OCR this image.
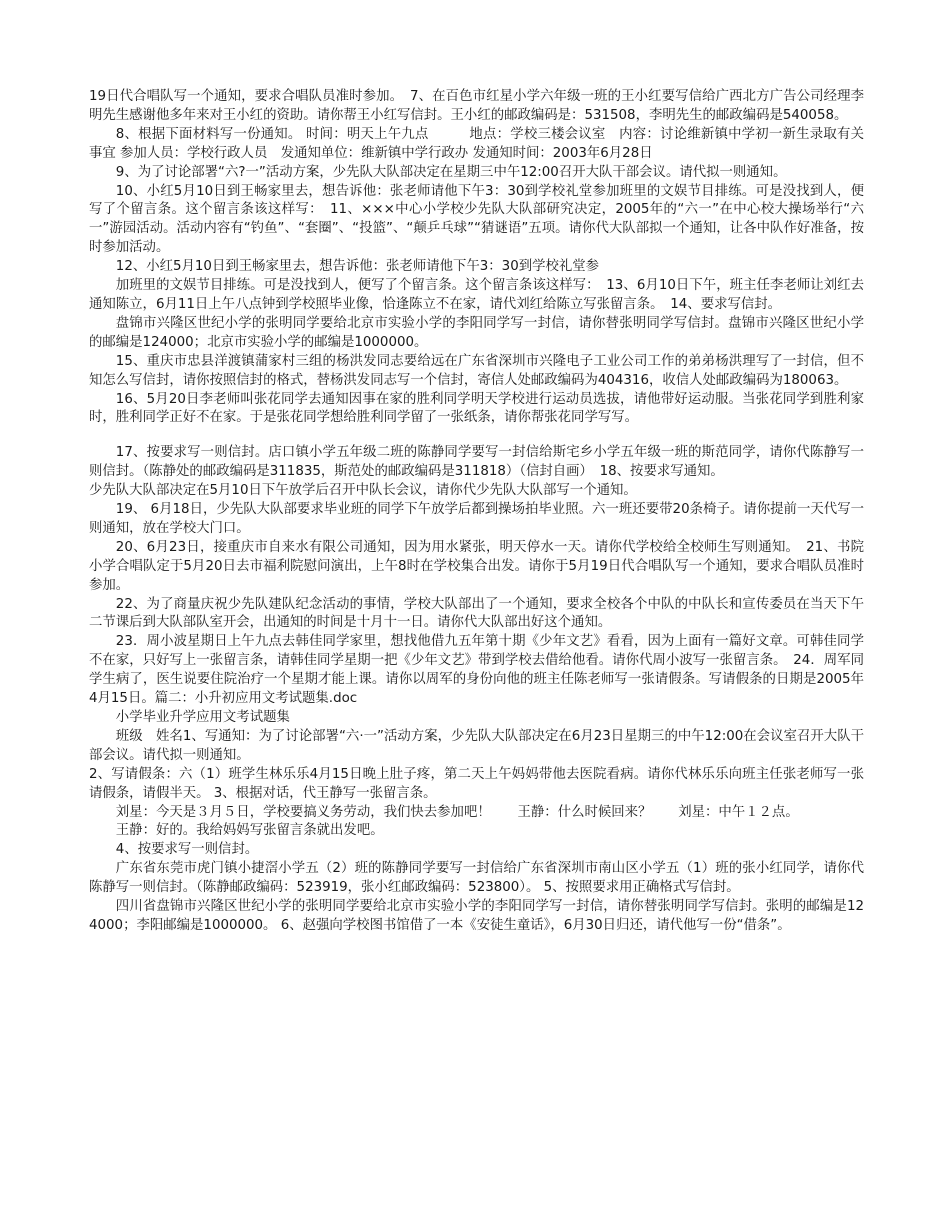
19日代合唱队写一个通知，要求合唱队员准时参加。　7、在百色市红星小学六年级一班的王小红要写信给广西北方广告公司经理李明先生感谢他多年来对王小红的资助。请你帮王小红写信封。王小红的邮政编码是：531508，李明先生的邮政编码是540058。

8、根据下面材料写一份通知。 时间：明天上午九点　　　地点：学校三楼会议室　内容：讨论维新镇中学初一新生录取有关事宜 参加人员：学校行政人员　发通知单位：维新镇中学行政办 发通知时间：2003年6月28日

9、为了讨论部署“六?一”活动方案，少先队大队部决定在星期三中午12:00召开大队干部会议。请代拟一则通知。

10、小红5月10日到王畅家里去，想告诉他：张老师请他下午3：30到学校礼堂参加班里的文娱节目排练。可是没找到人，便写了个留言条。这个留言条该这样写：　11、×××中心小学校少先队大队部研究决定，2005年的“六一”在中心校大操场举行“六一”游园活动。活动内容有“钓鱼”、“套圈”、“投篮”、“颠乒乓球”“猜谜语”五项。请你代大队部拟一个通知，让各中队作好准备，按时参加活动。

12、小红5月10日到王畅家里去，想告诉他：张老师请他下午3：30到学校礼堂参

加班里的文娱节目排练。可是没找到人，便写了个留言条。这个留言条该这样写：　13、6月10日下午，班主任李老师让刘红去通知陈立，6月11日上午八点钟到学校照毕业像，恰逢陈立不在家，请代刘红给陈立写张留言条。　14、要求写信封。

盘锦市兴隆区世纪小学的张明同学要给北京市实验小学的李阳同学写一封信，请你替张明同学写信封。盘锦市兴隆区世纪小学的邮编是124000；北京市实验小学的邮编是1000000。

15、重庆市忠县洋渡镇蒲家村三组的杨洪发同志要给远在广东省深圳市兴隆电子工业公司工作的弟弟杨洪理写了一封信，但不知怎么写信封，请你按照信封的格式，替杨洪发同志写一个信封，寄信人处邮政编码为404316，收信人处邮政编码为180063。

16、5月20日李老师叫张花同学去通知因事在家的胜利同学明天学校进行运动员选拔，请他带好运动服。当张花同学到胜利家时，胜利同学正好不在家。于是张花同学想给胜利同学留了一张纸条，请你帮张花同学写写。

17、按要求写一则信封。店口镇小学五年级二班的陈静同学要写一封信给斯宅乡小学五年级一班的斯范同学，请你代陈静写一则信封。（陈静处的邮政编码是311835，斯范处的邮政编码是311818）（信封自画）　18、按要求写通知。

少先队大队部决定在5月10日下午放学后召开中队长会议，请你代少先队大队部写一个通知。

19、 6月18日，少先队大队部要求毕业班的同学下午放学后都到操场拍毕业照。六一班还要带20条椅子。请你提前一天代写一则通知，放在学校大门口。

20、6月23日，接重庆市自来水有限公司通知，因为用水紧张，明天停水一天。请你代学校给全校师生写则通知。　21、书院小学合唱队定于5月20日去市福利院慰问演出，上午8时在学校集合出发。请你于5月19日代合唱队写一个通知，要求合唱队员准时参加。

22、为了商量庆祝少先队建队纪念活动的事情，学校大队部出了一个通知，要求全校各个中队的中队长和宣传委员在当天下午二节课后到大队部队室开会，出通知的时间是十月十一日。请你代大队部出好这个通知。

23．周小波星期日上午九点去韩佳同学家里，想找他借九五年第十期《少年文艺》看看，因为上面有一篇好文章。可韩佳同学不在家，只好写上一张留言条，请韩佳同学星期一把《少年文艺》带到学校去借给他看。请你代周小波写一张留言条。　24．周军同学生病了，医生说要住院治疗一个星期才能上课。请你以周军的身份向他的班主任陈老师写一张请假条。写请假条的日期是2005年4月15日。篇二：小升初应用文考试题集.doc

小学毕业升学应用文考试题集

班级　姓名1、写通知：为了讨论部署“六·一”活动方案，少先队大队部决定在6月23日星期三的中午12:00在会议室召开大队干部会议。请代拟一则通知。

2、写请假条：六（1）班学生林乐乐4月15日晚上肚子疼，第二天上午妈妈带他去医院看病。请你代林乐乐向班主任张老师写一张请假条，请假半天。 3、根据对话，代王静写一张留言条。

刘星：今天是３月５日，学校要搞义务劳动，我们快去参加吧！　　王静：什么时候回来？　　刘星：中午１２点。

王静：好的。我给妈妈写张留言条就出发吧。

4、按要求写一则信封。

广东省东莞市虎门镇小捷滘小学五（2）班的陈静同学要写一封信给广东省深圳市南山区小学五（1）班的张小红同学，请你代陈静写一则信封。（陈静邮政编码：523919，张小红邮政编码：523800）。 5、按照要求用正确格式写信封。

四川省盘锦市兴隆区世纪小学的张明同学要给北京市实验小学的李阳同学写一封信，请你替张明同学写信封。张明的邮编是124000；李阳邮编是1000000。 6、赵强向学校图书馆借了一本《安徒生童话》，6月30日归还，请代他写一份“借条”。
